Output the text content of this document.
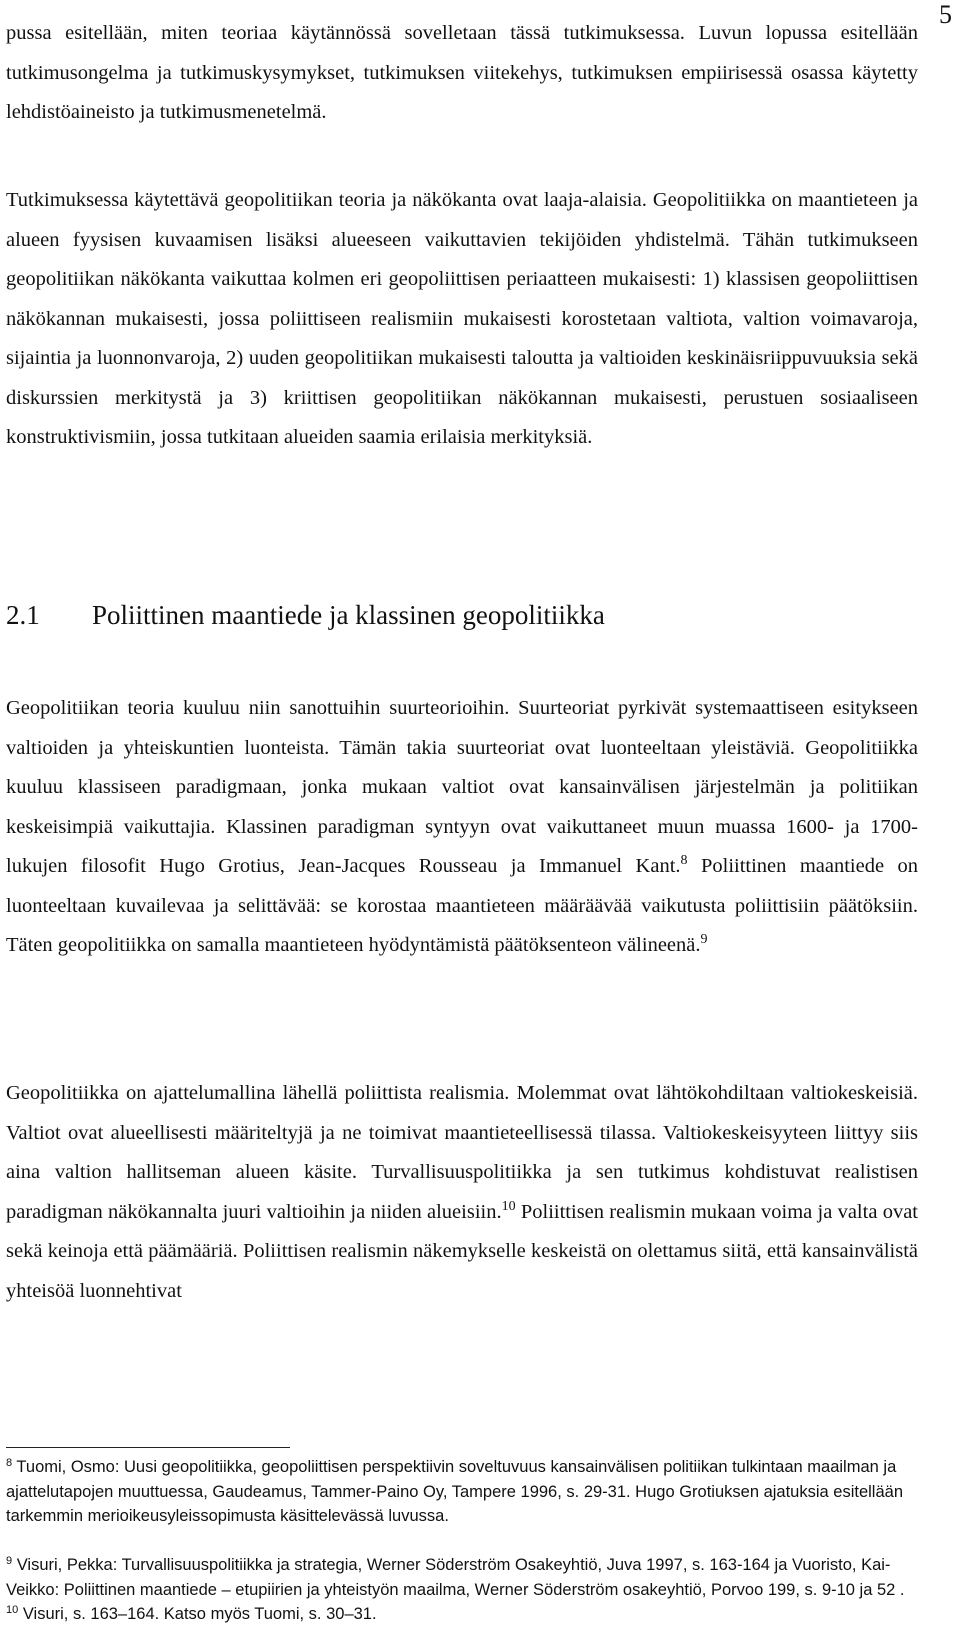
5

pussa esitellään, miten teoriaa käytännössä sovelletaan tässä tutkimuksessa. Luvun lopussa esitellään tutkimusongelma ja tutkimuskysymykset, tutkimuksen viitekehys, tutkimuksen empiirisessä osassa käytetty lehdistöaineisto ja tutkimusmenetelmä.

Tutkimuksessa käytettävä geopolitiikan teoria ja näkökanta ovat laaja-alaisia. Geopolitiikka on maantieteen ja alueen fyysisen kuvaamisen lisäksi alueeseen vaikuttavien tekijöiden yhdistelmä. Tähän tutkimukseen geopolitiikan näkökanta vaikuttaa kolmen eri geopoliittisen periaatteen mukaisesti: 1) klassisen geopoliittisen näkökannan mukaisesti, jossa poliittiseen realismiin mukaisesti korostetaan valtiota, valtion voimavaroja, sijaintia ja luonnonvaroja, 2) uuden geopolitiikan mukaisesti taloutta ja valtioiden keskinäisriippuvuuksia sekä diskurssien merkitystä ja 3) kriittisen geopolitiikan näkökannan mukaisesti, perustuen sosiaaliseen konstruktivismiin, jossa tutkitaan alueiden saamia erilaisia merkityksiä.

2.1 Poliittinen maantiede ja klassinen geopolitiikka

Geopolitiikan teoria kuuluu niin sanottuihin suurteorioihin. Suurteoriat pyrkivät systemaattiseen esitykseen valtioiden ja yhteiskuntien luonteista. Tämän takia suurteoriat ovat luonteeltaan yleistäviä. Geopolitiikka kuuluu klassiseen paradigmaan, jonka mukaan valtiot ovat kansainvälisen järjestelmän ja politiikan keskeisimpiä vaikuttajia. Klassinen paradigman syntyyn ovat vaikuttaneet muun muassa 1600- ja 1700-lukujen filosofit Hugo Grotius, Jean-Jacques Rousseau ja Immanuel Kant.$^8$ Poliittinen maantiede on luonteeltaan kuvailevaa ja selittävää: se korostaa maantieteen määräävää vaikutusta poliittisiin päätöksiin. Täten geopolitiikka on samalla maantieteen hyödyntämistä päätöksenteon välineenä.$^9$

Geopolitiikka on ajattelumallina lähellä poliittista realismia. Molemmat ovat lähtökohdiltaan valtiokeskeisiä. Valtiot ovat alueellisesti määriteltyjä ja ne toimivat maantieteellisessä tilassa. Valtiokeskeisyyteen liittyy siis aina valtion hallitseman alueen käsite. Turvallisuuspolitiikka ja sen tutkimus kohdistuvat realistisen paradigman näkökannalta juuri valtioihin ja niiden alueisiin.$^{10}$ Poliittisen realismin mukaan voima ja valta ovat sekä keinoja että päämääriä. Poliittisen realismin näkemykselle keskeistä on olettamus siitä, että kansainvälistä yhteisöä luonnehtivat

$^8$ Tuomi, Osmo: Uusi geopolitiikka, geopoliittisen perspektiivin soveltuvuus kansainvälisen politiikan tulkintaan maailman ja ajattelutapojen muuttuessa, Gaudeamus, Tammer-Paino Oy, Tampere 1996, s. 29-31. Hugo Grotiuksen ajatuksia esitellään tarkemmin merioikeusyleissopimusta käsittelevässä luvussa.

$^9$ Visuri, Pekka: Turvallisuuspolitiikka ja strategia, Werner Söderström Osakeyhtiö, Juva 1997, s. 163-164 ja Vuoristo, Kai-Veikko: Poliittinen maantiede – etupiirien ja yhteistyön maailma, Werner Söderström osakeyhtiö, Porvoo 199, s. 9-10 ja 52 .

$^{10}$ Visuri, s. 163–164. Katso myös Tuomi, s. 30–31.
